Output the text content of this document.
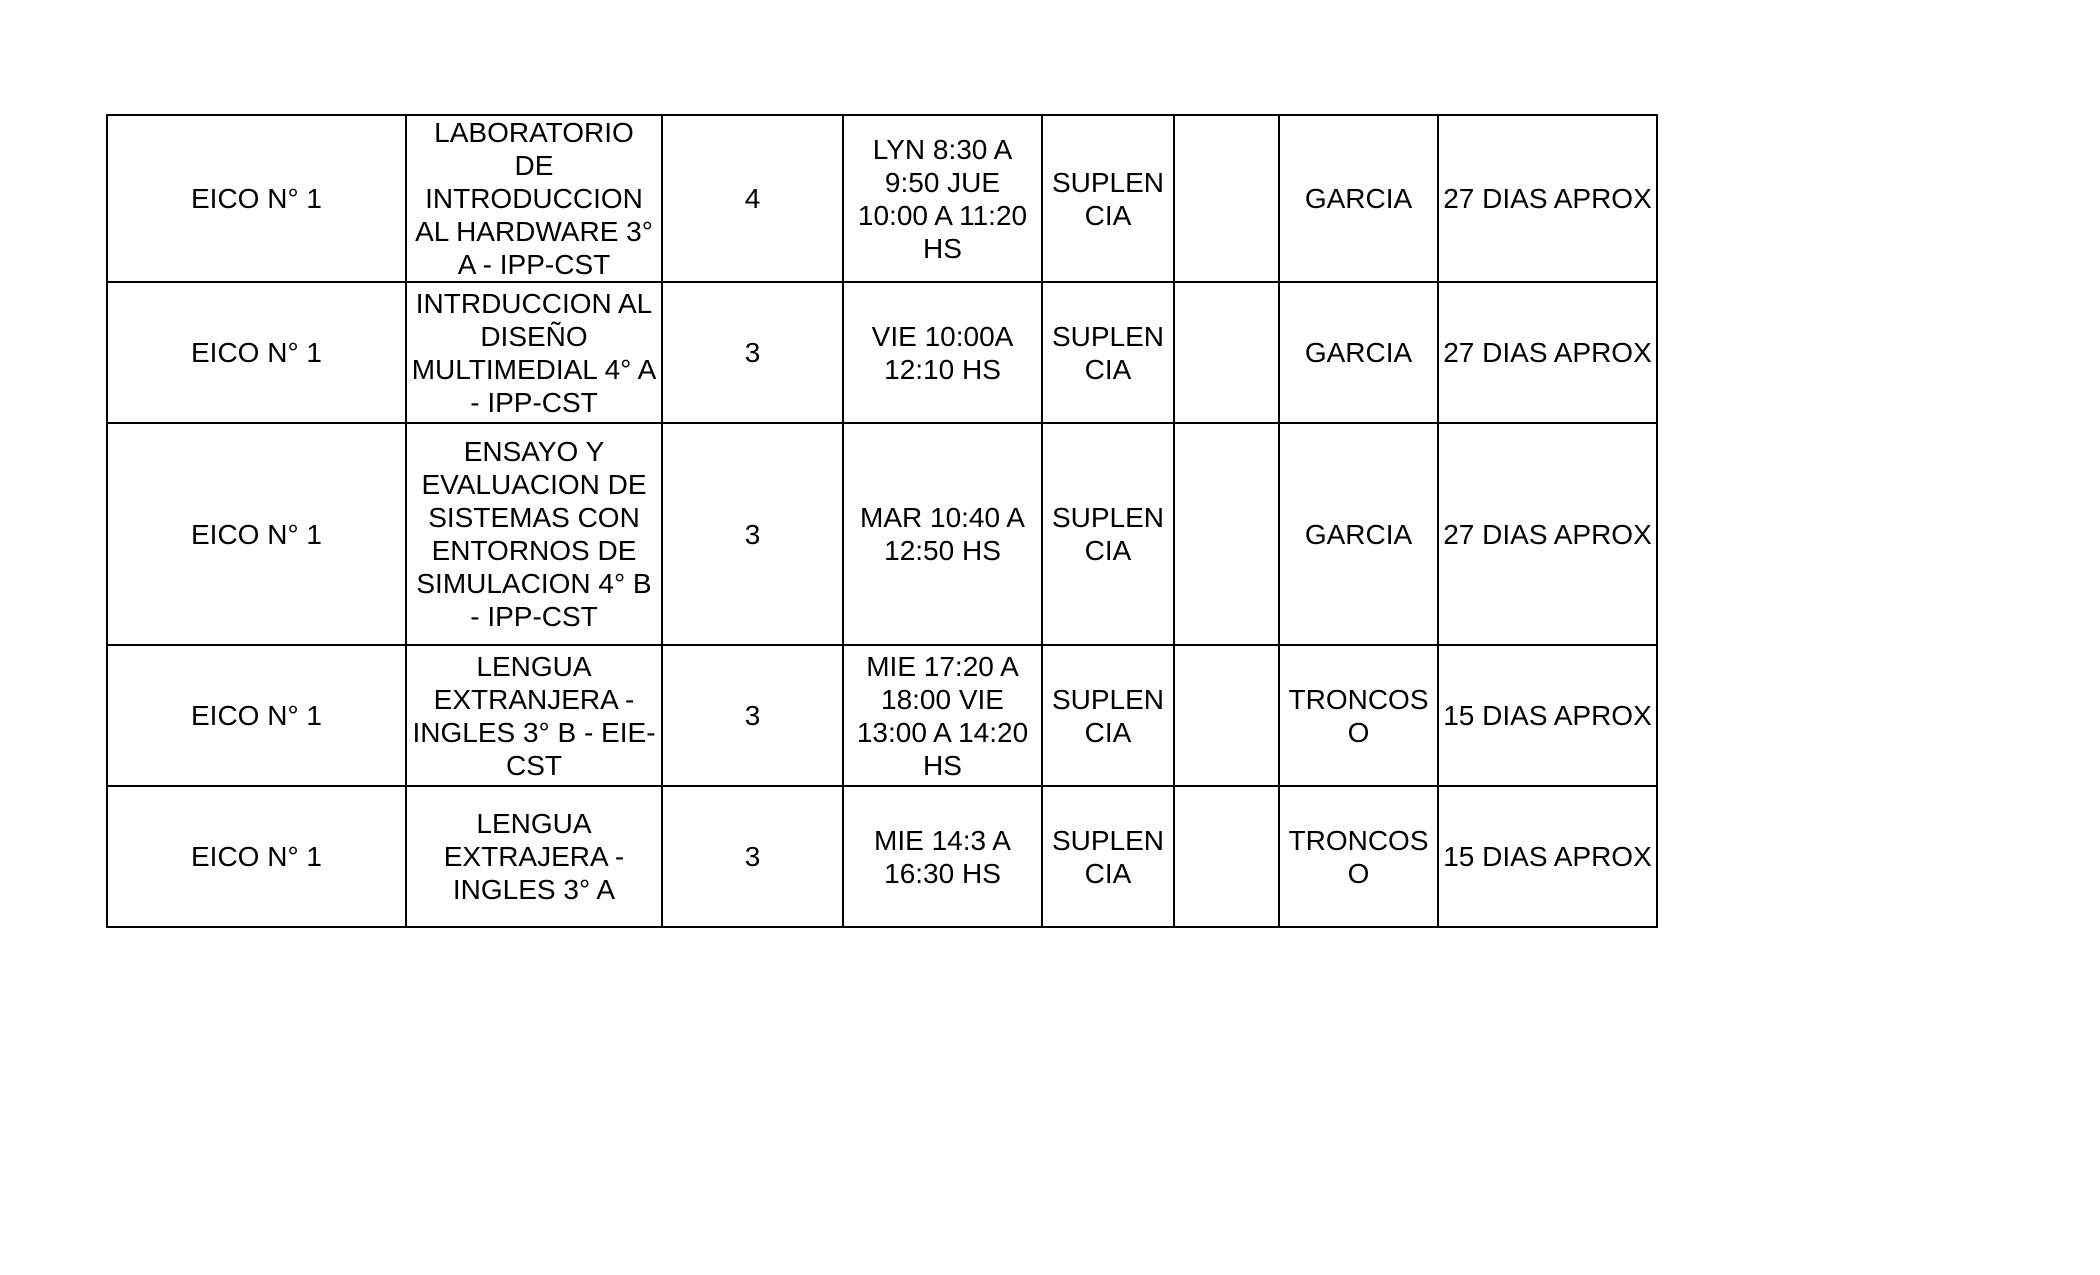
EICO N° 1	LABORATORIO DE INTRODUCCION AL HARDWARE 3° A - IPP-CST	4	LYN 8:30 A 9:50 JUE 10:00 A 11:20 HS	SUPLEN CIA		GARCIA	27 DIAS APROX
EICO N° 1	INTRDUCCION AL DISEÑO MULTIMEDIAL 4° A - IPP-CST	3	VIE 10:00A 12:10 HS	SUPLEN CIA		GARCIA	27 DIAS APROX
EICO N° 1	ENSAYO Y EVALUACION DE SISTEMAS CON ENTORNOS DE SIMULACION 4° B - IPP-CST	3	MAR 10:40 A 12:50 HS	SUPLEN CIA		GARCIA	27 DIAS APROX
EICO N° 1	LENGUA EXTRANJERA - INGLES 3° B - EIE-CST	3	MIE 17:20 A 18:00 VIE 13:00 A 14:20 HS	SUPLEN CIA		TRONCOS O	15 DIAS APROX
EICO N° 1	LENGUA EXTRAJERA - INGLES 3° A	3	MIE 14:3 A 16:30 HS	SUPLEN CIA		TRONCOS O	15 DIAS APROX
